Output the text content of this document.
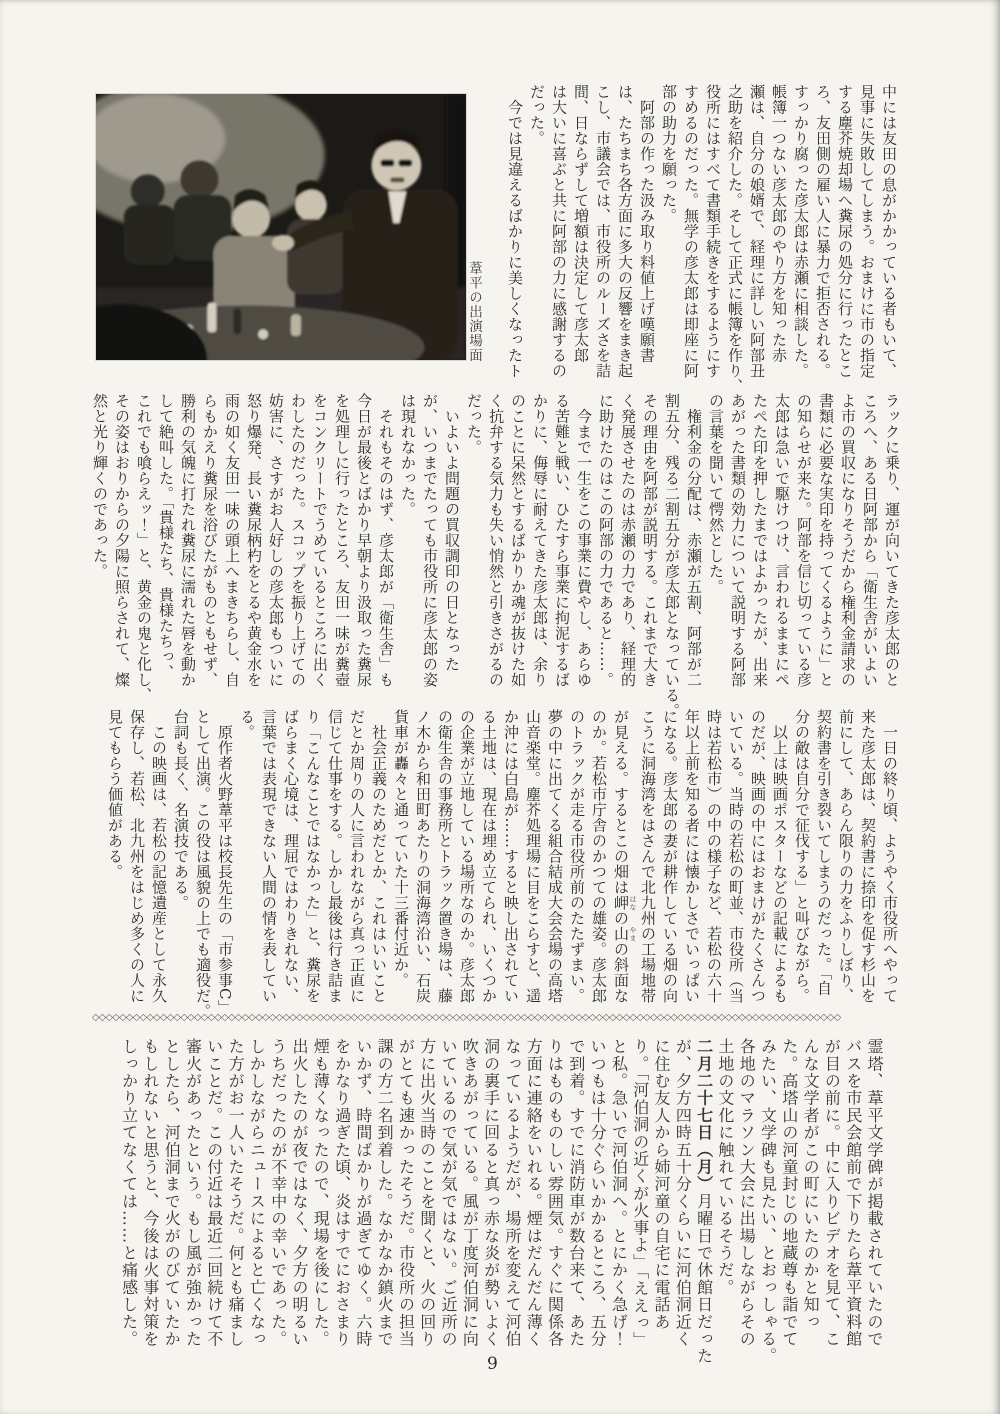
葦平の出演場面	中には友田の息がかかっている者もいて、

見事に失敗してしまう。おまけに市の指定

する塵芥焼却場へ糞尿の処分に行ったとこ

ろ、友田側の雇い人に暴力で拒否される。

すっかり腐った彦太郎は赤瀬に相談した。

帳簿一つない彦太郎のやり方を知った赤

瀬は、自分の娘婿で、経理に詳しい阿部丑

之助を紹介した。そして正式に帳簿を作り、

役所にはすべて書類手続きをするようにす

すめるのだった。無学の彦太郎は即座に阿

部の助力を願った。

　阿部の作った汲み取り料値上げ嘆願書

は、たちまち各方面に多大の反響をまき起

こし、市議会では、市役所のルーズさを詰

間、日ならずして増額は決定して彦太郎

は大いに喜ぶと共に阿部の力に感謝するの

だった。

　今では見違えるばかりに美しくなったト

ラックに乗り、運が向いてきた彦太郎のと

ころへ、ある日阿部から「衛生舎がいよい

よ市の買収になりそうだから権利金請求の

書類に必要な実印を持ってくるように」と

の知らせが来た。阿部を信じ切っている彦

太郎は急いで駆けつけ、言われるままにペ

たぺた印を押したまではよかったが、出来

あがった書類の効力について説明する阿部

の言葉を聞いて愕然とした。

　権利金の分配は、赤瀬が五割、阿部が二

割五分、残る二割五分が彦太郎となっている。

その理由を阿部が説明する。これまで大き

く発展させたのは赤瀬の力であり、経理的

に助けたのはこの阿部の力であると……。

　今まで一生をこの事業に費やし、あらゆ

る苦難と戦い、ひたすら事業に拘泥するば

かりに、侮辱に耐えてきた彦太郎は、余り

のことに呆然とするばかりか魂が抜けた如

く抗弁する気力も失い悄然と引きさがるの

だった。

　いよいよ問題の買収調印の日となった

が、いつまでたっても市役所に彦太郎の姿

は現れなかった。

　それもそのはず、彦太郎が「衛生舎」も

今日が最後とばかり早朝より汲取った糞尿

を処理しに行ったところ、友田一味が糞壺

をコンクリートでうめているところに出く

わしたのだった。スコップを振り上げての

妨害に、さすがお人好しの彦太郎もついに

怒り爆発、長い糞尿柄杓をとるや黄金水を

雨の如く友田一味の頭上へまきちらし、自

らもかえり糞尿を浴びたがものともせず、

勝利の気魄に打たれ糞尿に濡れた唇を動か

して絶叫した。「貴様たち、貴様たちっ、

これでも喰らえッ！」と、黄金の鬼と化し、

その姿はおりからの夕陽に照らされて、燦

然と光り輝くのであった。

　一日の終り頃、ようやく市役所へやって

来た彦太郎は、契約書に捺印を促す杉山を

前にして、あらん限りの力をふりしぼり、

契約書を引き裂いてしまうのだった。「自

分の敵は自分で征伐する」と叫びながら。

　以上は映画ポスターなどの記載によるも

のだが、映画の中にはおまけがたくさんつ

いている。当時の若松の町並、市役所（当

時は若松市）の中の様子など、若松の六十

年以上前を知る者には懐かしさでいっぱい

になる。彦太郎の妻が耕作している畑の向

こうに洞海湾をはさんで北九州の工場地帯

が見える。するとこの畑は岬 はなの山 やまの斜面な

のか。若松市庁舎のかつての雄姿。彦太郎

のトラックが走る市役所前のたたずまい。

夢の中に出てくる組合結成大会会場の高塔

山音楽堂。塵芥処理場に目をこらすと、遥

か沖には白島が……すると映し出されてい

る土地は、現在は埋め立てられ、いくつか

の企業が立地している場所なのか。彦太郎

の衛生舎の事務所とトラック置き場は、藤

ノ木から和田町あたりの洞海湾沿い、石炭

貨車が轟々と通っていた十三番付近か。

　社会正義のためだとか、これはいいこと

だとか周りの人に言われながら真っ正直に

信じて仕事をする。しかし最後は行き詰ま

り「こんなことではなかった」と、糞尿を

ばらまく心境は、理屈ではわりきれない、

言葉では表現できない人間の情を表してい

る。

　原作者火野葦平は校長先生の「市参事C」

として出演。この役は風貌の上でも適役だ。

台詞も長く、名演技である。

　この映画は、若松の記憶遺産として永久

保存し、若松、北九州をはじめ多くの人に

見てもらう価値がある。

◇◇◇◇◇◇◇◇◇◇◇◇◇◇◇◇◇◇◇◇◇◇◇◇◇◇◇◇◇◇◇◇◇◇◇◇◇◇◇◇◇◇◇◇◇◇◇◇◇◇◇◇◇◇◇◇◇◇◇◇◇◇◇◇◇◇◇◇◇◇◇◇◇◇◇◇◇◇◇◇◇◇◇◇◇◇◇◇◇◇◇◇◇◇◇◇◇◇◇◇◇◇◇◇◇◇◇◇◇◇

霊塔、葦平文学碑が掲載されていたので

バスを市民会館前で下りたら葦平資料館

が目の前に。中に入りビデオを見て、こ

んな文学者がこの町にいたのかと知っ

た。高塔山の河童封じの地蔵尊も詣でて

みたい、文学碑も見たい、とおっしゃる。

各地のマラソン大会に出場しながらその

土地の文化に触れているそうだ。

二月二十七日（月）月曜日で休館日だった

が、夕方四時五十分くらいに河伯洞近く

に住む友人から姉河童の自宅に電話あ

り。「河伯洞の近くが火事よ」「ええっ」

と私。急いで河伯洞へ。とにかく急げ！

いつもは十分ぐらいかかるところ、五分

で到着。すでに消防車が数台来て、あた

りはものものしい雰囲気。すぐに関係各

方面に連絡をいれる。煙はだんだん薄く

なっているようだが、場所を変えて河伯

洞の裏手に回ると真っ赤な炎が勢いよく

吹きあがっている。風が丁度河伯洞に向

いているので気が気ではない。ご近所の

方に出火当時のことを聞くと、火の回り

がとても速かったそうだ。市役所の担当

課の方二名到着した。なかなか鎮火まで

いかず、時間ばかりが過ぎてゆく。六時

をかなり過ぎた頃、炎はすでにおさまり

煙も薄くなったので、現場を後にした。

出火したのが夜ではなく、夕方の明るい

うちだったのが不幸中の幸いであった。

しかしながらニュースによると亡くなっ

た方がお一人いたそうだ。何とも痛まし

いことだ。この付近は最近二回続けて不

審火があったという。もし風が強かった

としたら、河伯洞まで火がのびていたか

もしれないと思うと、今後は火事対策を

しっかり立てなくては……と痛感した。

9
